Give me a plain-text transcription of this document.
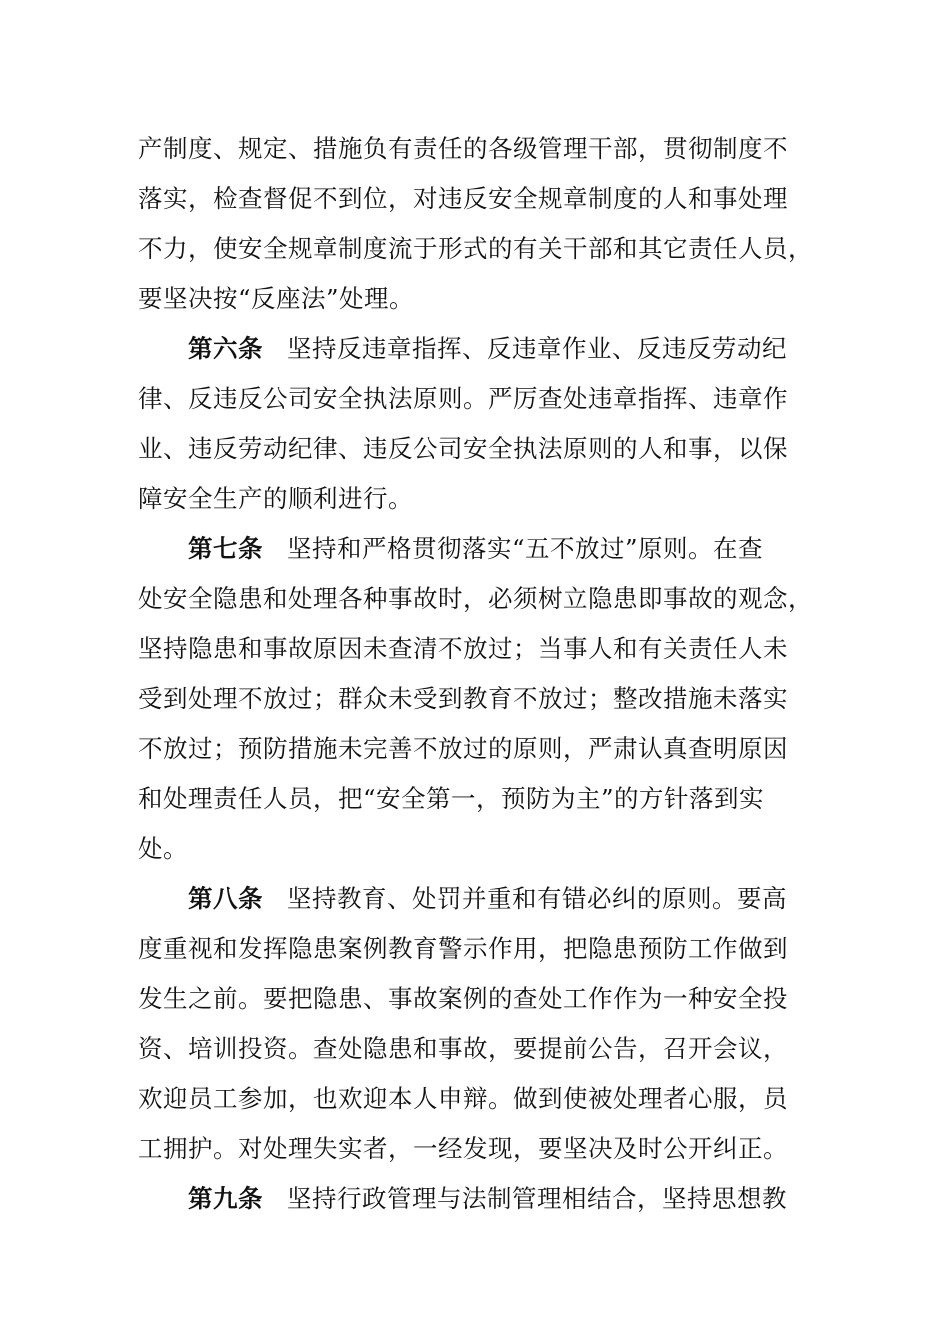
产制度、规定、措施负有责任的各级管理干部，贯彻制度不
落实，检查督促不到位，对违反安全规章制度的人和事处理
不力，使安全规章制度流于形式的有关干部和其它责任人员，
要坚决按“反座法”处理。

第六条 坚持反违章指挥、反违章作业、反违反劳动纪
律、反违反公司安全执法原则。严厉查处违章指挥、违章作
业、违反劳动纪律、违反公司安全执法原则的人和事，以保
障安全生产的顺利进行。

第七条 坚持和严格贯彻落实“五不放过”原则。在查
处安全隐患和处理各种事故时，必须树立隐患即事故的观念，
坚持隐患和事故原因未查清不放过；当事人和有关责任人未
受到处理不放过；群众未受到教育不放过；整改措施未落实
不放过；预防措施未完善不放过的原则，严肃认真查明原因
和处理责任人员，把“安全第一，预防为主”的方针落到实
处。

第八条 坚持教育、处罚并重和有错必纠的原则。要高
度重视和发挥隐患案例教育警示作用，把隐患预防工作做到
发生之前。要把隐患、事故案例的查处工作作为一种安全投
资、培训投资。查处隐患和事故，要提前公告，召开会议，
欢迎员工参加，也欢迎本人申辩。做到使被处理者心服，员
工拥护。对处理失实者，一经发现，要坚决及时公开纠正。

第九条 坚持行政管理与法制管理相结合，坚持思想教
